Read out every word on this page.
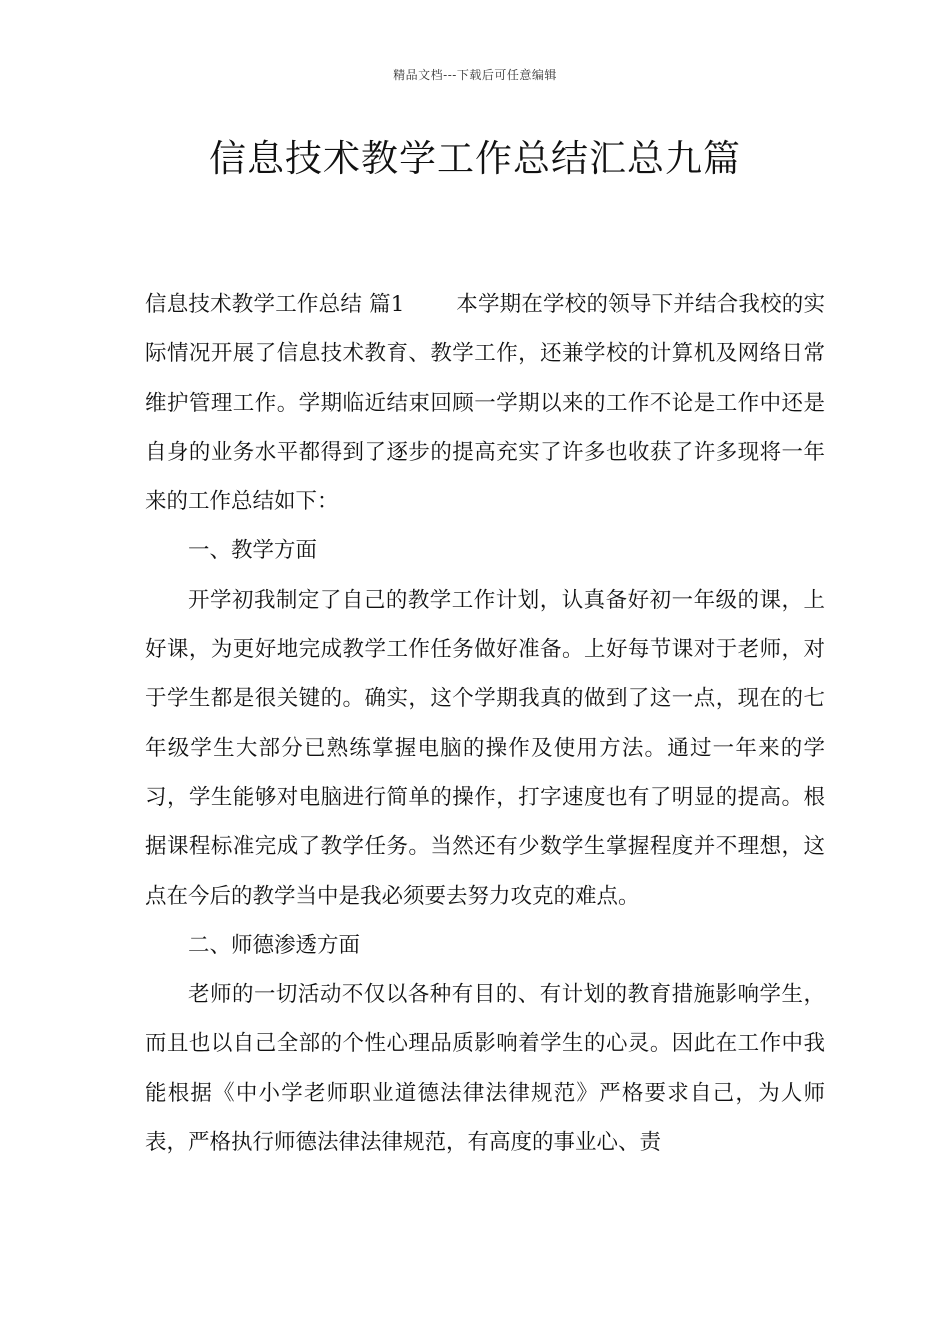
精品文档---下载后可任意编辑
信息技术教学工作总结汇总九篇

信息技术教学工作总结 篇1 本学期在学校的领导下并结合我校的实际情况开展了信息技术教育、教学工作，还兼学校的计算机及网络日常维护管理工作。学期临近结束回顾一学期以来的工作不论是工作中还是自身的业务水平都得到了逐步的提高充实了许多也收获了许多现将一年来的工作总结如下：

一、教学方面

开学初我制定了自己的教学工作计划，认真备好初一年级的课，上好课，为更好地完成教学工作任务做好准备。上好每节课对于老师，对于学生都是很关键的。确实，这个学期我真的做到了这一点，现在的七年级学生大部分已熟练掌握电脑的操作及使用方法。通过一年来的学习，学生能够对电脑进行简单的操作，打字速度也有了明显的提高。根据课程标准完成了教学任务。当然还有少数学生掌握程度并不理想，这点在今后的教学当中是我必须要去努力攻克的难点。

二、师德渗透方面

老师的一切活动不仅以各种有目的、有计划的教育措施影响学生，而且也以自己全部的个性心理品质影响着学生的心灵。因此在工作中我能根据《中小学老师职业道德法律法律规范》严格要求自己，为人师表，严格执行师德法律法律规范，有高度的事业心、责
